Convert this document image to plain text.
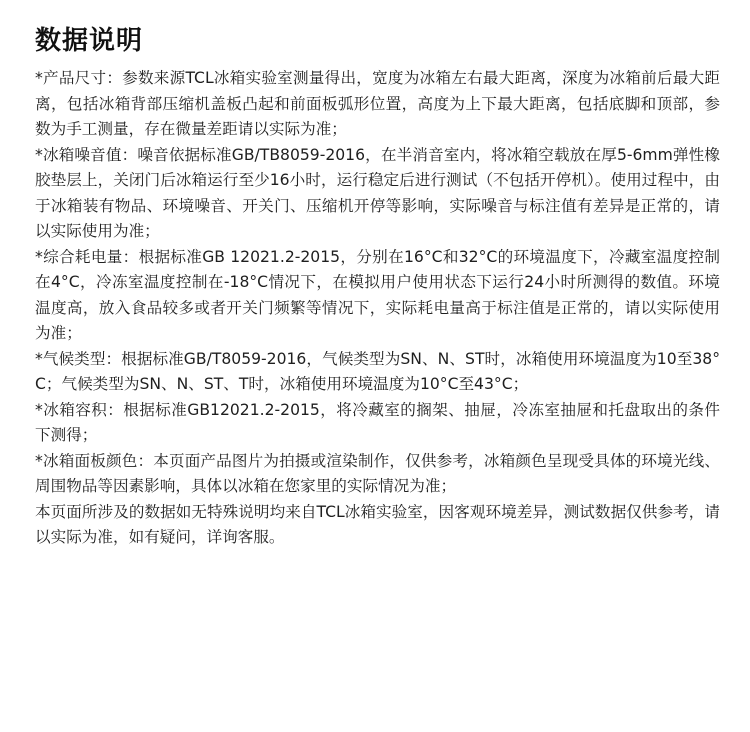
数据说明

*产品尺寸：参数来源TCL冰箱实验室测量得出，宽度为冰箱左右最大距离，深度为冰箱前后最大距离，包括冰箱背部压缩机盖板凸起和前面板弧形位置，高度为上下最大距离，包括底脚和顶部，参数为手工测量，存在微量差距请以实际为准；

*冰箱噪音值：噪音依据标准GB/TB8059-2016，在半消音室内，将冰箱空载放在厚5-6mm弹性橡胶垫层上，关闭门后冰箱运行至少16小时，运行稳定后进行测试（不包括开停机）。使用过程中，由于冰箱装有物品、环境噪音、开关门、压缩机开停等影响，实际噪音与标注值有差异是正常的，请以实际使用为准；

*综合耗电量：根据标准GB 12021.2-2015，分别在16°C和32°C的环境温度下，冷藏室温度控制在4°C，冷冻室温度控制在-18°C情况下，在模拟用户使用状态下运行24小时所测得的数值。环境温度高，放入食品较多或者开关门频繁等情况下，实际耗电量高于标注值是正常的，请以实际使用为准；

*气候类型：根据标准GB/T8059-2016，气候类型为SN、N、ST时，冰箱使用环境温度为10至38°C；气候类型为SN、N、ST、T时，冰箱使用环境温度为10°C至43°C；

*冰箱容积：根据标准GB12021.2-2015，将冷藏室的搁架、抽屉，冷冻室抽屉和托盘取出的条件下测得；

*冰箱面板颜色：本页面产品图片为拍摄或渲染制作，仅供参考，冰箱颜色呈现受具体的环境光线、周围物品等因素影响，具体以冰箱在您家里的实际情况为准；

本页面所涉及的数据如无特殊说明均来自TCL冰箱实验室，因客观环境差异，测试数据仅供参考，请以实际为准，如有疑问，详询客服。
